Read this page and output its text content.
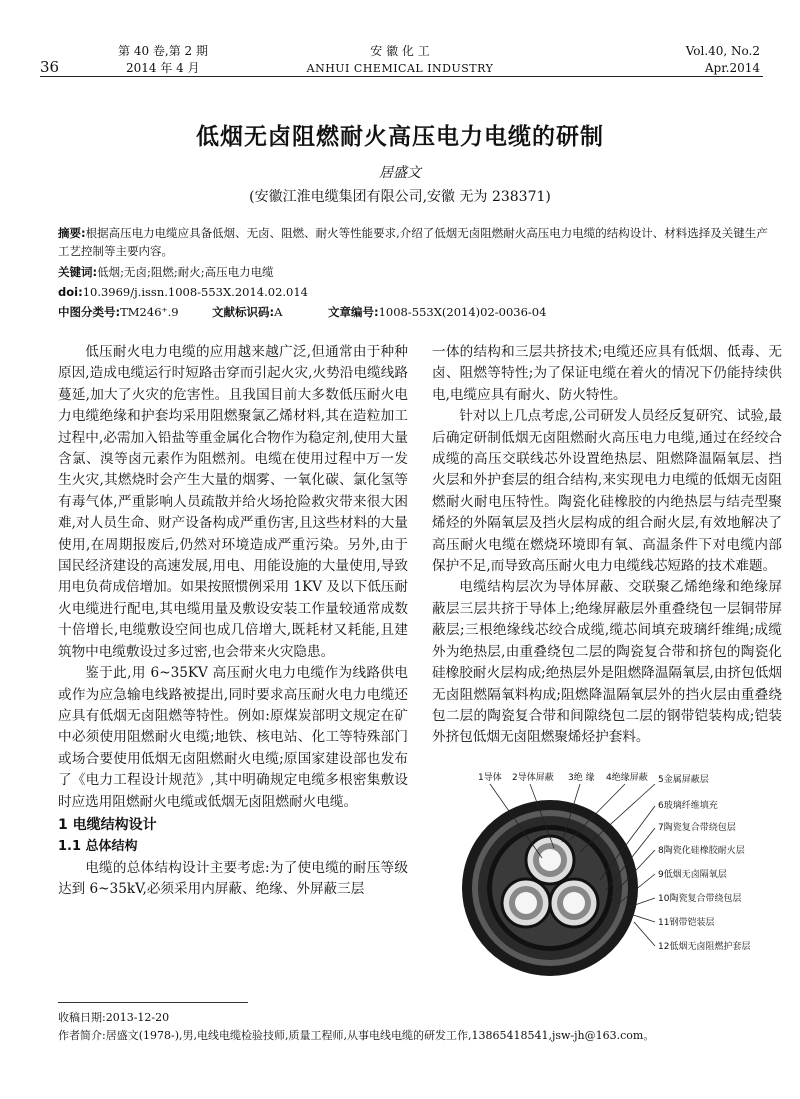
36
第 40 卷,第 2 期
2014 年 4 月
安 徽 化 工
ANHUI CHEMICAL INDUSTRY
Vol.40, No.2
Apr.2014
低烟无卤阻燃耐火高压电力电缆的研制
居盛文
(安徽江淮电缆集团有限公司,安徽 无为 238371)
摘要:根据高压电力电缆应具备低烟、无卤、阻燃、耐火等性能要求,介绍了低烟无卤阻燃耐火高压电力电缆的结构设计、材料选择及关键生产工艺控制等主要内容。
关键词:低烟;无卤;阻燃;耐火;高压电力电缆
doi:10.3969/j.issn.1008-553X.2014.02.014
中图分类号:TM246⁺.9	文献标识码:A	文章编号:1008-553X(2014)02-0036-04

低压耐火电力电缆的应用越来越广泛,但通常由于种种原因,造成电缆运行时短路击穿而引起火灾,火势沿电缆线路蔓延,加大了火灾的危害性。且我国目前大多数低压耐火电力电缆绝缘和护套均采用阻燃聚氯乙烯材料,其在造粒加工过程中,必需加入铅盐等重金属化合物作为稳定剂,使用大量含氯、溴等卤元素作为阻燃剂。电缆在使用过程中万一发生火灾,其燃烧时会产生大量的烟雾、一氧化碳、氯化氢等有毒气体,严重影响人员疏散并给火场抢险救灾带来很大困难,对人员生命、财产设备构成严重伤害,且这些材料的大量使用,在周期报废后,仍然对环境造成严重污染。另外,由于国民经济建设的高速发展,用电、用能设施的大量使用,导致用电负荷成倍增加。如果按照惯例采用 1KV 及以下低压耐火电缆进行配电,其电缆用量及敷设安装工作量较通常成数十倍增长,电缆敷设空间也成几倍增大,既耗材又耗能,且建筑物中电缆敷设过多过密,也会带来火灾隐患。

鉴于此,用 6~35KV 高压耐火电力电缆作为线路供电或作为应急输电线路被提出,同时要求高压耐火电力电缆还应具有低烟无卤阻燃等特性。例如:原煤炭部明文规定在矿中必须使用阻燃耐火电缆;地铁、核电站、化工等特殊部门或场合要使用低烟无卤阻燃耐火电缆;原国家建设部也发布了《电力工程设计规范》,其中明确规定电缆多根密集敷设时应选用阻燃耐火电缆或低烟无卤阻燃耐火电缆。

1 电缆结构设计

1.1 总体结构

电缆的总体结构设计主要考虑:为了使电缆的耐压等级达到 6~35kV,必须采用内屏蔽、绝缘、外屏蔽三层

一体的结构和三层共挤技术;电缆还应具有低烟、低毒、无卤、阻燃等特性;为了保证电缆在着火的情况下仍能持续供电,电缆应具有耐火、防火特性。

针对以上几点考虑,公司研发人员经反复研究、试验,最后确定研制低烟无卤阻燃耐火高压电力电缆,通过在经绞合成缆的高压交联线芯外设置绝热层、阻燃降温隔氧层、挡火层和外护套层的组合结构,来实现电力电缆的低烟无卤阻燃耐火耐电压特性。陶瓷化硅橡胶的内绝热层与结壳型聚烯烃的外隔氧层及挡火层构成的组合耐火层,有效地解决了高压耐火电缆在燃烧环境即有氧、高温条件下对电缆内部保护不足,而导致高压耐火电力电缆线芯短路的技术难题。

电缆结构层次为导体屏蔽、交联聚乙烯绝缘和绝缘屏蔽层三层共挤于导体上;绝缘屏蔽层外重叠绕包一层铜带屏蔽层;三根绝缘线芯绞合成缆,缆芯间填充玻璃纤维绳;成缆外为绝热层,由重叠绕包二层的陶瓷复合带和挤包的陶瓷化硅橡胶耐火层构成;绝热层外是阻燃降温隔氧层,由挤包低烟无卤阻燃隔氧料构成;阻燃降温隔氧层外的挡火层由重叠绕包二层的陶瓷复合带和间隙绕包二层的钢带铠装构成;铠装外挤包低烟无卤阻燃聚烯烃护套料。

1导体 2导体屏蔽 3绝 缘 4绝缘屏蔽 5金属屏蔽层
6玻璃纤维填充
7陶瓷复合带绕包层
8陶瓷化硅橡胶耐火层
9低烟无卤隔氧层
10陶瓷复合带绕包层
11钢带铠装层
12低烟无卤阻燃护套层
收稿日期:2013-12-20
作者简介:居盛文(1978-),男,电线电缆检验技师,质量工程师,从事电线电缆的研发工作,13865418541,jsw-jh@163.com。
